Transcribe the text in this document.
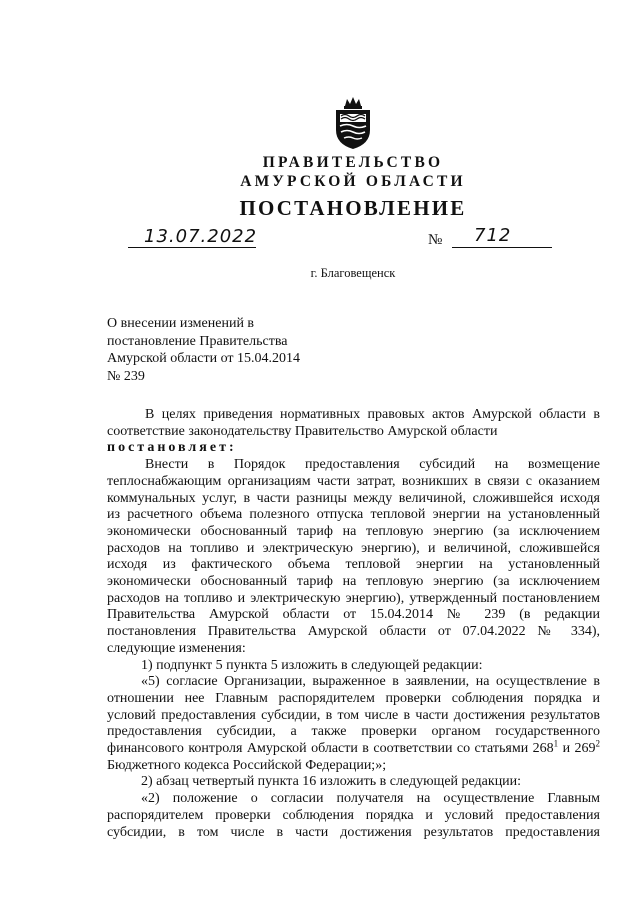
ПРАВИТЕЛЬСТВО
АМУРСКОЙ ОБЛАСТИ
ПОСТАНОВЛЕНИЕ
13.07.2022	№ 712
г. Благовещенск
О внесении изменений в
постановление Правительства
Амурской области от 15.04.2014
№ 239

В целях приведения нормативных правовых актов Амурской области в

соответствие законодательству Правительство Амурской области

постановляет:

Внести в Порядок предоставления субсидий на возмещение

теплоснабжающим организациям части затрат, возникших в связи с оказанием

коммунальных услуг, в части разницы между величиной, сложившейся исходя

из расчетного объема полезного отпуска тепловой энергии на установленный

экономически обоснованный тариф на тепловую энергию (за исключением

расходов на топливо и электрическую энергию), и величиной, сложившейся

исходя из фактического объема тепловой энергии на установленный

экономически обоснованный тариф на тепловую энергию (за исключением

расходов на топливо и электрическую энергию), утвержденный постановлением

Правительства Амурской области от 15.04.2014 № 239 (в редакции

постановления Правительства Амурской области от 07.04.2022 № 334),

следующие изменения:

1) подпункт 5 пункта 5 изложить в следующей редакции:

«5) согласие Организации, выраженное в заявлении, на осуществление в

отношении нее Главным распорядителем проверки соблюдения порядка и

условий предоставления субсидии, в том числе в части достижения результатов

предоставления субсидии, а также проверки органом государственного

финансового контроля Амурской области в соответствии со статьями $268^1$ и $269^2$

Бюджетного кодекса Российской Федерации;»;

2) абзац четвертый пункта 16 изложить в следующей редакции:

«2) положение о согласии получателя на осуществление Главным

распорядителем проверки соблюдения порядка и условий предоставления

субсидии, в том числе в части достижения результатов предоставления
